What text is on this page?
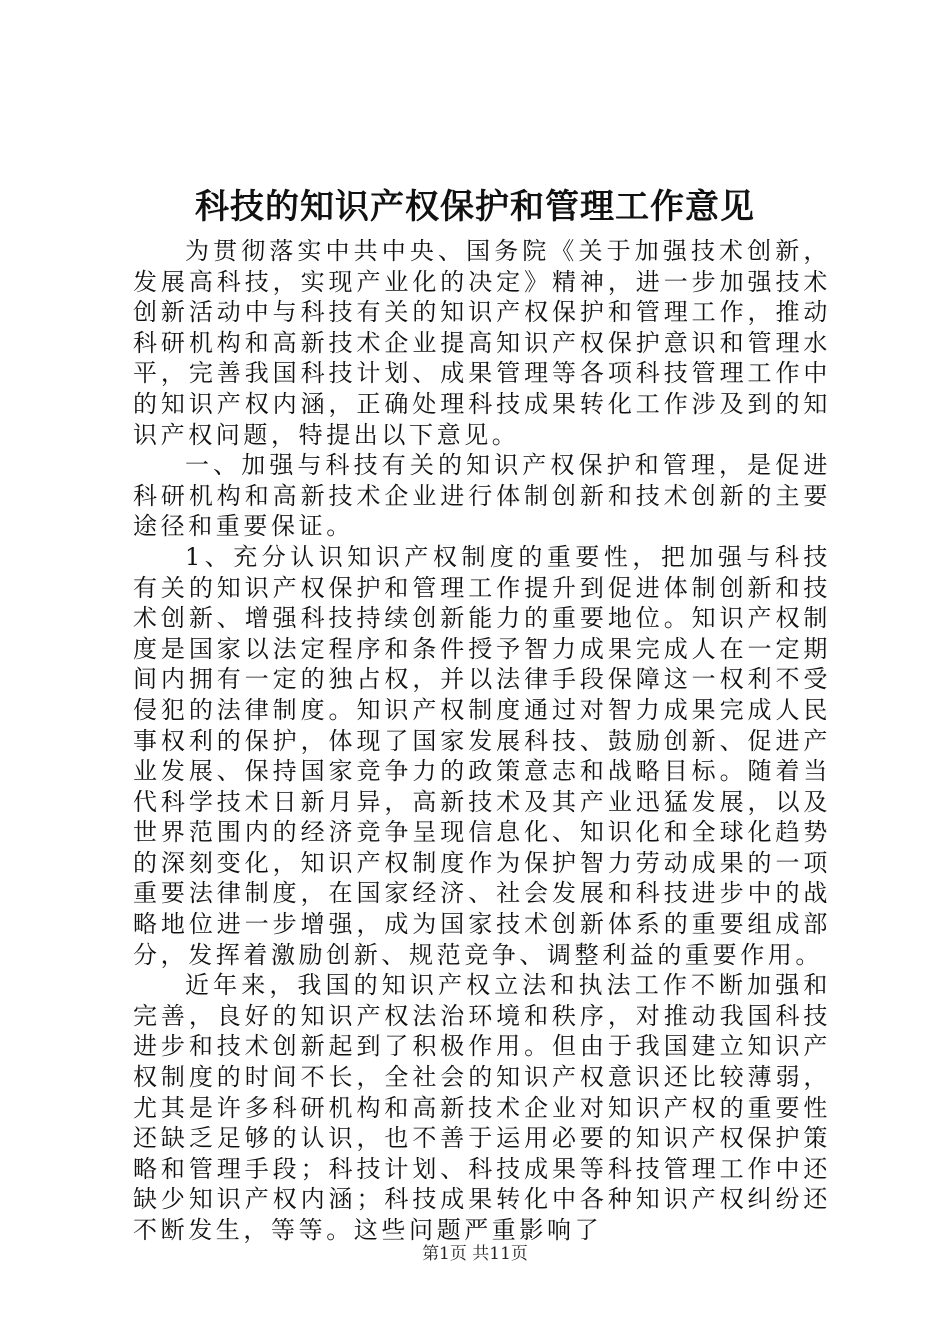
科技的知识产权保护和管理工作意见

为贯彻落实中共中央、国务院《关于加强技术创新，发展高科技，实现产业化的决定》精神，进一步加强技术创新活动中与科技有关的知识产权保护和管理工作，推动科研机构和高新技术企业提高知识产权保护意识和管理水平，完善我国科技计划、成果管理等各项科技管理工作中的知识产权内涵，正确处理科技成果转化工作涉及到的知识产权问题，特提出以下意见。

一、加强与科技有关的知识产权保护和管理，是促进科研机构和高新技术企业进行体制创新和技术创新的主要途径和重要保证。

1、充分认识知识产权制度的重要性，把加强与科技有关的知识产权保护和管理工作提升到促进体制创新和技术创新、增强科技持续创新能力的重要地位。知识产权制度是国家以法定程序和条件授予智力成果完成人在一定期间内拥有一定的独占权，并以法律手段保障这一权利不受侵犯的法律制度。知识产权制度通过对智力成果完成人民事权利的保护，体现了国家发展科技、鼓励创新、促进产业发展、保持国家竞争力的政策意志和战略目标。随着当代科学技术日新月异，高新技术及其产业迅猛发展，以及世界范围内的经济竞争呈现信息化、知识化和全球化趋势的深刻变化，知识产权制度作为保护智力劳动成果的一项重要法律制度，在国家经济、社会发展和科技进步中的战略地位进一步增强，成为国家技术创新体系的重要组成部分，发挥着激励创新、规范竞争、调整利益的重要作用。

近年来，我国的知识产权立法和执法工作不断加强和完善，良好的知识产权法治环境和秩序，对推动我国科技进步和技术创新起到了积极作用。但由于我国建立知识产权制度的时间不长，全社会的知识产权意识还比较薄弱，尤其是许多科研机构和高新技术企业对知识产权的重要性还缺乏足够的认识，也不善于运用必要的知识产权保护策略和管理手段；科技计划、科技成果等科技管理工作中还缺少知识产权内涵；科技成果转化中各种知识产权纠纷还不断发生，等等。这些问题严重影响了

第1页 共11页
